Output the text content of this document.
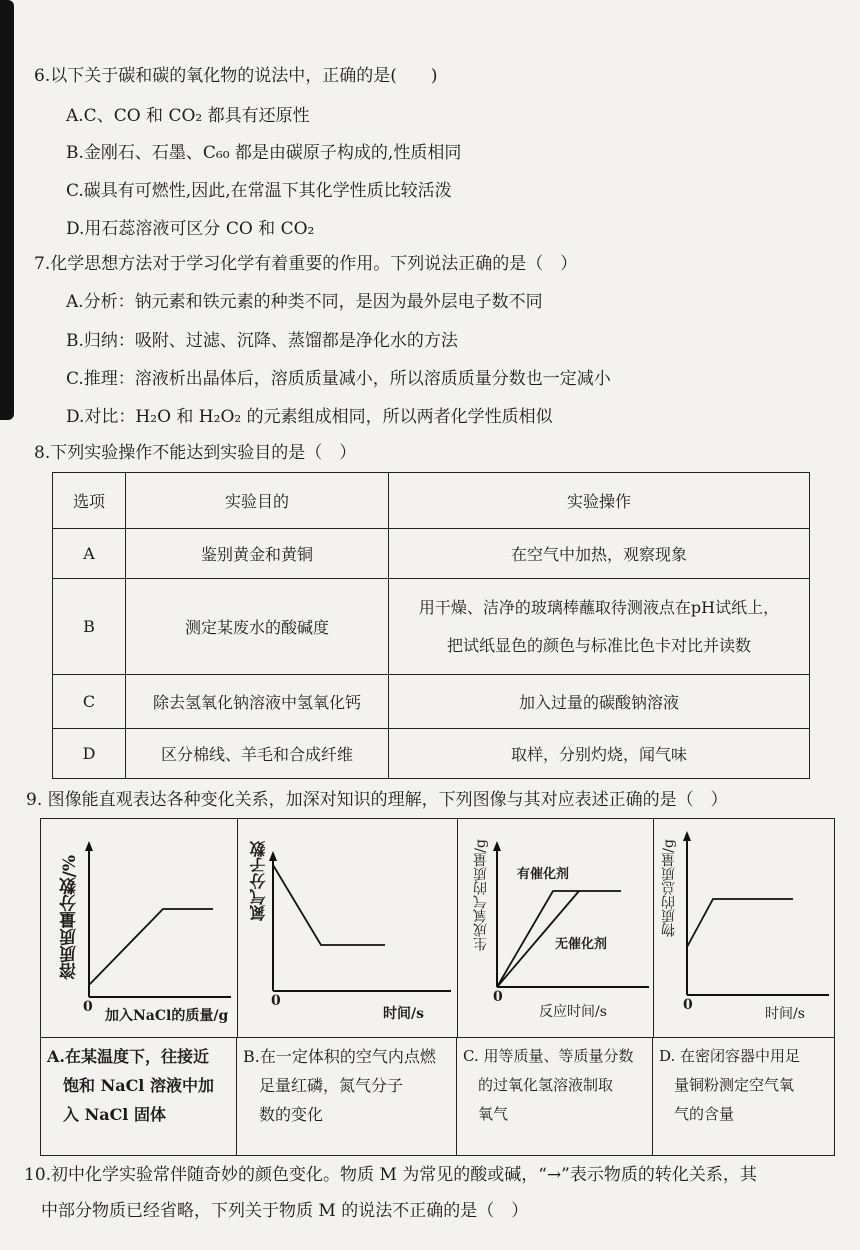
6.以下关于碳和碳的氧化物的说法中，正确的是(　　)
A.C、CO 和 CO₂ 都具有还原性
B.金刚石、石墨、C₆₀ 都是由碳原子构成的,性质相同
C.碳具有可燃性,因此,在常温下其化学性质比较活泼
D.用石蕊溶液可区分 CO 和 CO₂
7.化学思想方法对于学习化学有着重要的作用。下列说法正确的是（　）
A.分析：钠元素和铁元素的种类不同，是因为最外层电子数不同
B.归纳：吸附、过滤、沉降、蒸馏都是净化水的方法
C.推理：溶液析出晶体后，溶质质量减小，所以溶质质量分数也一定减小
D.对比：H₂O 和 H₂O₂ 的元素组成相同，所以两者化学性质相似
8.下列实验操作不能达到实验目的是（　）
选项	实验目的	实验操作
A	鉴别黄金和黄铜	在空气中加热，观察现象
B	测定某废水的酸碱度	用干燥、洁净的玻璃棒蘸取待测液点在pH试纸上，
把试纸显色的颜色与标准比色卡对比并读数

C	除去氢氧化钠溶液中氢氧化钙	加入过量的碳酸钠溶液
D	区分棉线、羊毛和合成纤维	取样，分别灼烧，闻气味
9. 图像能直观表达各种变化关系，加深对知识的理解，下列图像与其对应表述正确的是（　）
溶质质量分数/%
0
加入NaCl的质量/g
氮气分子数
0
时间/s
生成氧气的质量/g 有催化剂
无催化剂
0
反应时间/s
物质的总质量/g
0
时间/s
A.在某温度下，往接近
　饱和 NaCl 溶液中加
　入 NaCl 固体
B.在一定体积的空气内点燃
　足量红磷，氮气分子
　数的变化
C. 用等质量、等质量分数
　的过氧化氢溶液制取
　氧气
D. 在密闭容器中用足
　量铜粉测定空气氧
　气的含量
10.初中化学实验常伴随奇妙的颜色变化。物质 M 为常见的酸或碱，“→”表示物质的转化关系，其
　中部分物质已经省略，下列关于物质 M 的说法不正确的是（　）
